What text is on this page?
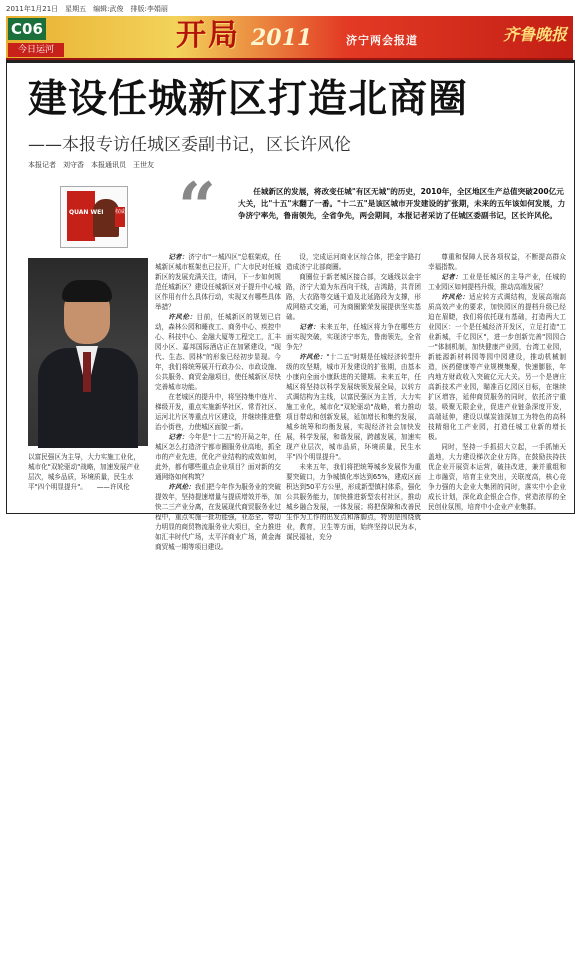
2011年1月21日　星期五　编辑:武俊　排版:李娟丽
C06
今日运河	开局 2011	济宁两会报道	齐鲁晚报
建设任城新区打造北商圈
——本报专访任城区委副书记，区长许风伦
本报记者　刘守香　本报通讯员　王世友
QUAN WEI 权威 “	任城新区的发展，将改变任城"有区无城"的历史，2010年，全区地区生产总值突破200亿元大关，比"十五"末翻了一番。"十二五"是该区城市开发建设的扩张期，未来的五年该如何发展，力争济宁率先，鲁南领先，全省争先，两会期间，本报记者采访了任城区委副书记，区长许风伦。

以富民强区为主导，大力实施工业化，城市化"双轮驱动"战略，加速发展产业层次，城乡品质，环境质量，民生水平"四个明显提升"。　　——许风伦

记者：济宁市"一城四区"总框架成，任城新区城市框架也已拉开，广大市民对任城新区的发展充满关注，请问，下一步如何规范任城新区？建设任城新区对于提升中心城区作用有什么具体行动，实现又有哪些具体举措？

许风伦：目前，任城新区的规划已启动，森林公园和睡夜工、商务中心、疾控中心、科技中心、金融大厦等工程完工，汇丰园小区、嘉邦国际酒店正在加紧建设，"现代、生态、园林"的形象已经初步显现。今年，我们将统筹展开行政办公、市政设施、公共服务、商贸金融项目，使任城新区尽快完善城市功能。

在老城区的提升中，将坚持集中连片、梯级开发，重点实施新华社区、常青社区、运河北片区等重点片区建设，并继续推进整治小街巷，力使城区面貌一新。

记者：今年是"十二五"的开局之年，任城区怎么打造济宁都市圈服务业高地，抓全市的产业先进，优化产业结构的成效如何，此外，都有哪些重点企业项目？面对新的交通网络如何构筑？

许风伦：我们把今年作为服务业的突破提效年，坚持提速增量与提质增效并举，加快二三产业分离，在发展现代商贸服务业过程中，重点实施一批功能强，业态全、带动力明显的商贸物流服务业大项目，全力推进如汇丰时代广场，太平洋商业广场，黄金海商贸城一期等项目建设。

设，完成运河商业区综合体，把金宇路打造成济宁北部商圈。

商圈位于新老城区接合部，交通线以金宇路，济宁大道为东西向干线，吉鸿路，共青团路，大衣路等交通干道及北延路段为支撑，形成网格式交通，可为商圈繁荣发展提供坚实基础。

记者：未来五年，任城区将力争在哪些方面实现突破，实现济宁率先，鲁南领先，全省争先？

许风伦："十二五"时期是任城经济转型升级的攻坚期，城市开发建设的扩张期，由基本小康向全面小康跃进的关键期。未来五年，任城区将坚持以科学发展统领发展全局，以转方式调结构为主线，以富民强区为主旨，大力实施工业化，城市化"双轮驱动"战略，着力推动项目带动和创新发展，延加增长和集约发展，城乡统筹和均衡发展，实现经济社会加快发展，科学发展，和谐发展，跨越发展，加速实现产业层次，城市品质，环境质量，民生水平"四个明显提升"。

未来五年，我们将把统筹城乡发展作为重要突破口，力争城镇化率达到65%，建成区面积达到50平方公里，形成新型镇村体系，强化公共服务能力，加快推进新型农村社区，推动城乡融合发展，一体发展；将把保障和改善民生作为工作的出发点和落脚点，特别是围绕就业，教育，卫生等方面，始终坚持以民为本，谋民福祉，充分

尊重和保障人民各项权益，不断提高群众幸福指数。

记者：工业是任城区的主导产业，任城的工业园区如何提档升级，推动高端发展？

许风伦：适应转方式调结构，发展高端高质高效产业的要求，加快园区的提档升级已经迫在眉睫，我们将依托现有基础，打造两大工业园区：一个是任城经济开发区，立足打造"工业新城，千亿园区"，进一步创新完善"园园合一"体制机制，加快健康产业园，台湾工业园，新能源新材料园等园中园建设，推动机械制造，医药健康等产业规模集聚，快速膨胀，年内地方财政收入突破亿元大关。另一个是唐庄高新技术产业园，瞄准百亿园区目标，在继续扩区增容，延伸商贸服务的同时，依托济宁重装，吸聚无限企业，促进产业链条深度开发，高端延伸，建设以煤炭油深加工为特色的高科技精细化工产业园，打造任城工业新的增长极。

同时，坚持一手抓招大立起，一手抓铺天盖地，大力建设梯次企业方阵，在鼓励扶持扶优企业开展资本运营，破挂改进，兼并重组和上市融资，培育主业突出，关联度高，核心竞争力强的大企业大集团的同时，落实中小企业成长计划，深化政企银企合作，营造浓厚的全民创业氛围，培育中小企业产业集群。
